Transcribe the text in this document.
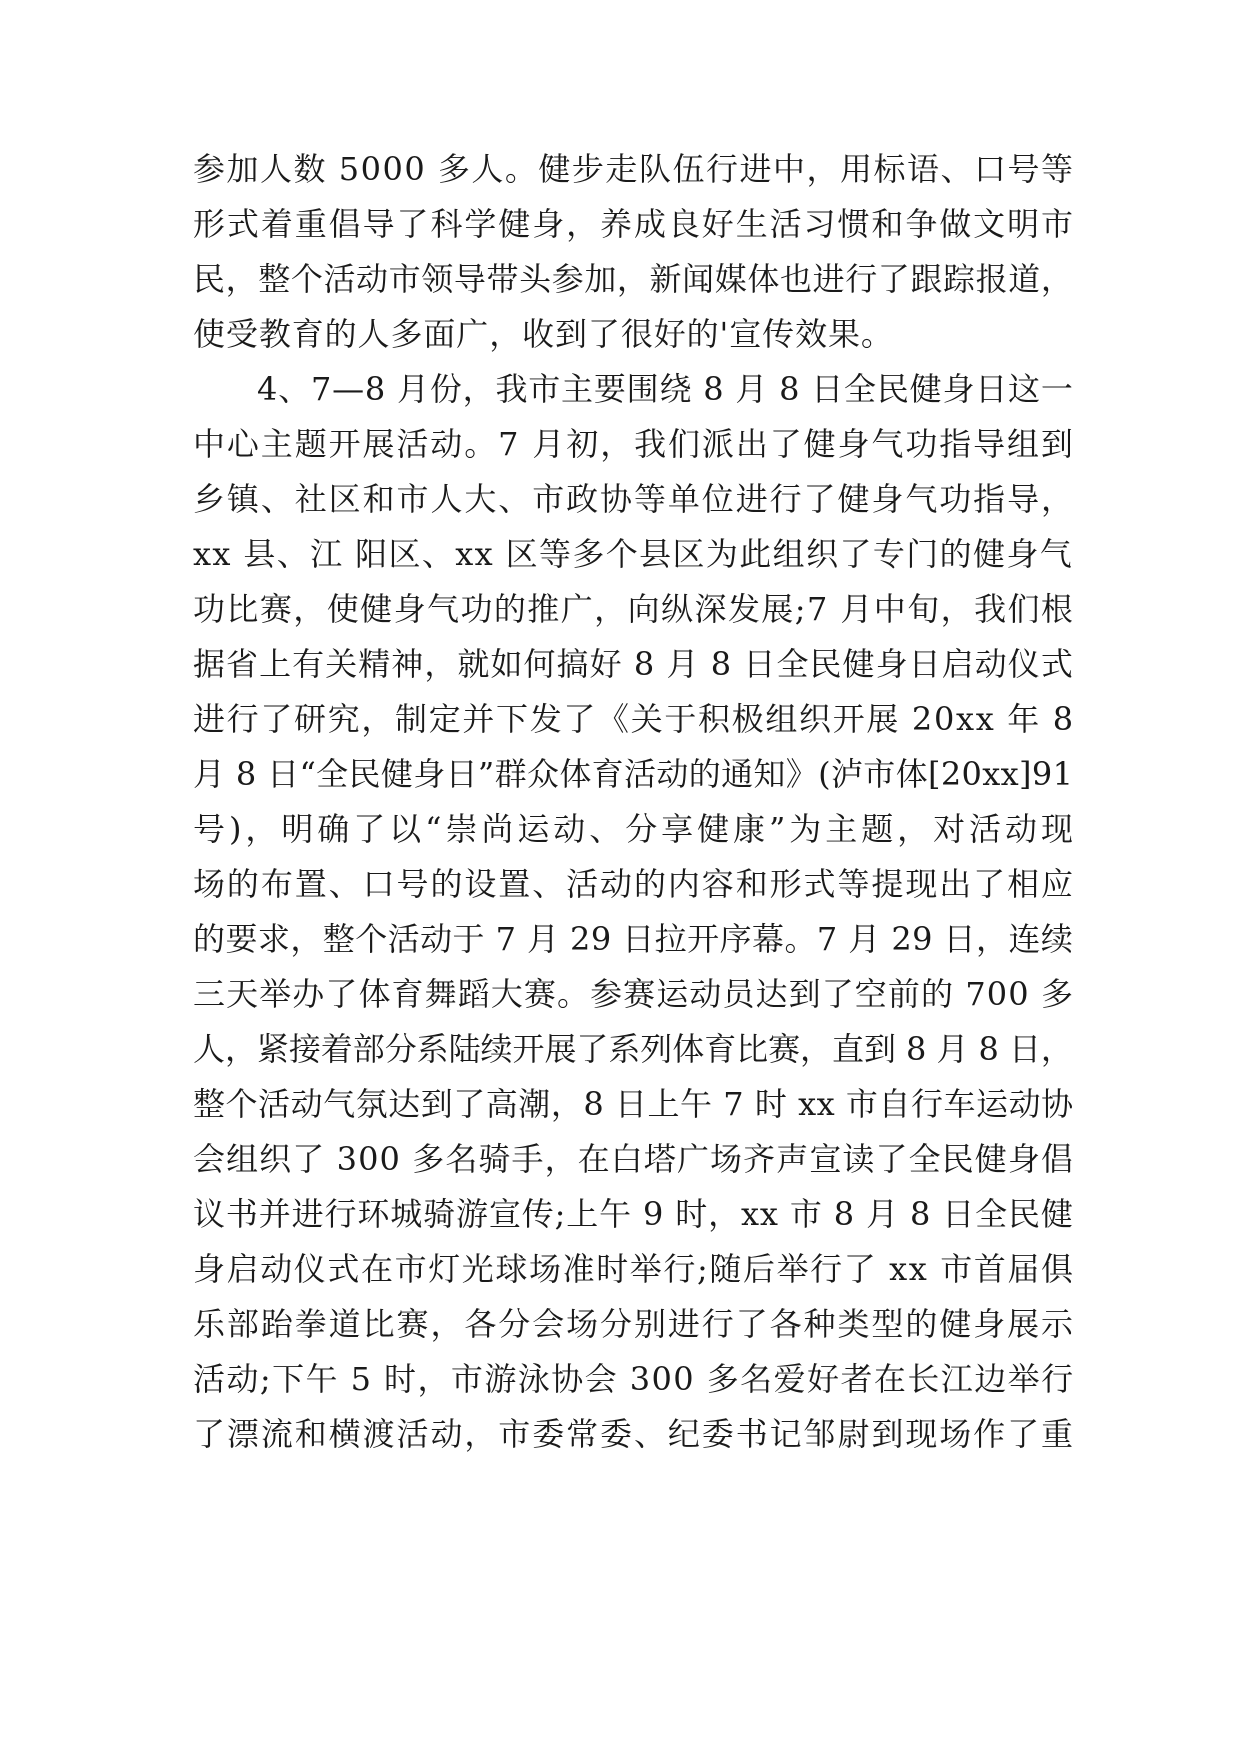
参加人数 5000 多人。健步走队伍行进中，用标语、口号等
形式着重倡导了科学健身，养成良好生活习惯和争做文明市
民，整个活动市领导带头参加，新闻媒体也进行了跟踪报道，
使受教育的人多面广，收到了很好的'宣传效果。
4、7—8 月份，我市主要围绕 8 月 8 日全民健身日这一
中心主题开展活动。7 月初，我们派出了健身气功指导组到
乡镇、社区和市人大、市政协等单位进行了健身气功指导，
xx 县、江 阳区、xx 区等多个县区为此组织了专门的健身气
功比赛，使健身气功的推广，向纵深发展;7 月中旬，我们根
据省上有关精神，就如何搞好 8 月 8 日全民健身日启动仪式
进行了研究，制定并下发了《关于积极组织开展 20xx 年 8
月 8 日“全民健身日”群众体育活动的通知》(泸市体[20xx]91
号)，明确了以“崇尚运动、分享健康”为主题，对活动现
场的布置、口号的设置、活动的内容和形式等提现出了相应
的要求，整个活动于 7 月 29 日拉开序幕。7 月 29 日，连续
三天举办了体育舞蹈大赛。参赛运动员达到了空前的 700 多
人，紧接着部分系陆续开展了系列体育比赛，直到 8 月 8 日，
整个活动气氛达到了高潮，8 日上午 7 时 xx 市自行车运动协
会组织了 300 多名骑手，在白塔广场齐声宣读了全民健身倡
议书并进行环城骑游宣传;上午 9 时，xx 市 8 月 8 日全民健
身启动仪式在市灯光球场准时举行;随后举行了 xx 市首届俱
乐部跆拳道比赛，各分会场分别进行了各种类型的健身展示
活动;下午 5 时，市游泳协会 300 多名爱好者在长江边举行
了漂流和横渡活动，市委常委、纪委书记邹尉到现场作了重
